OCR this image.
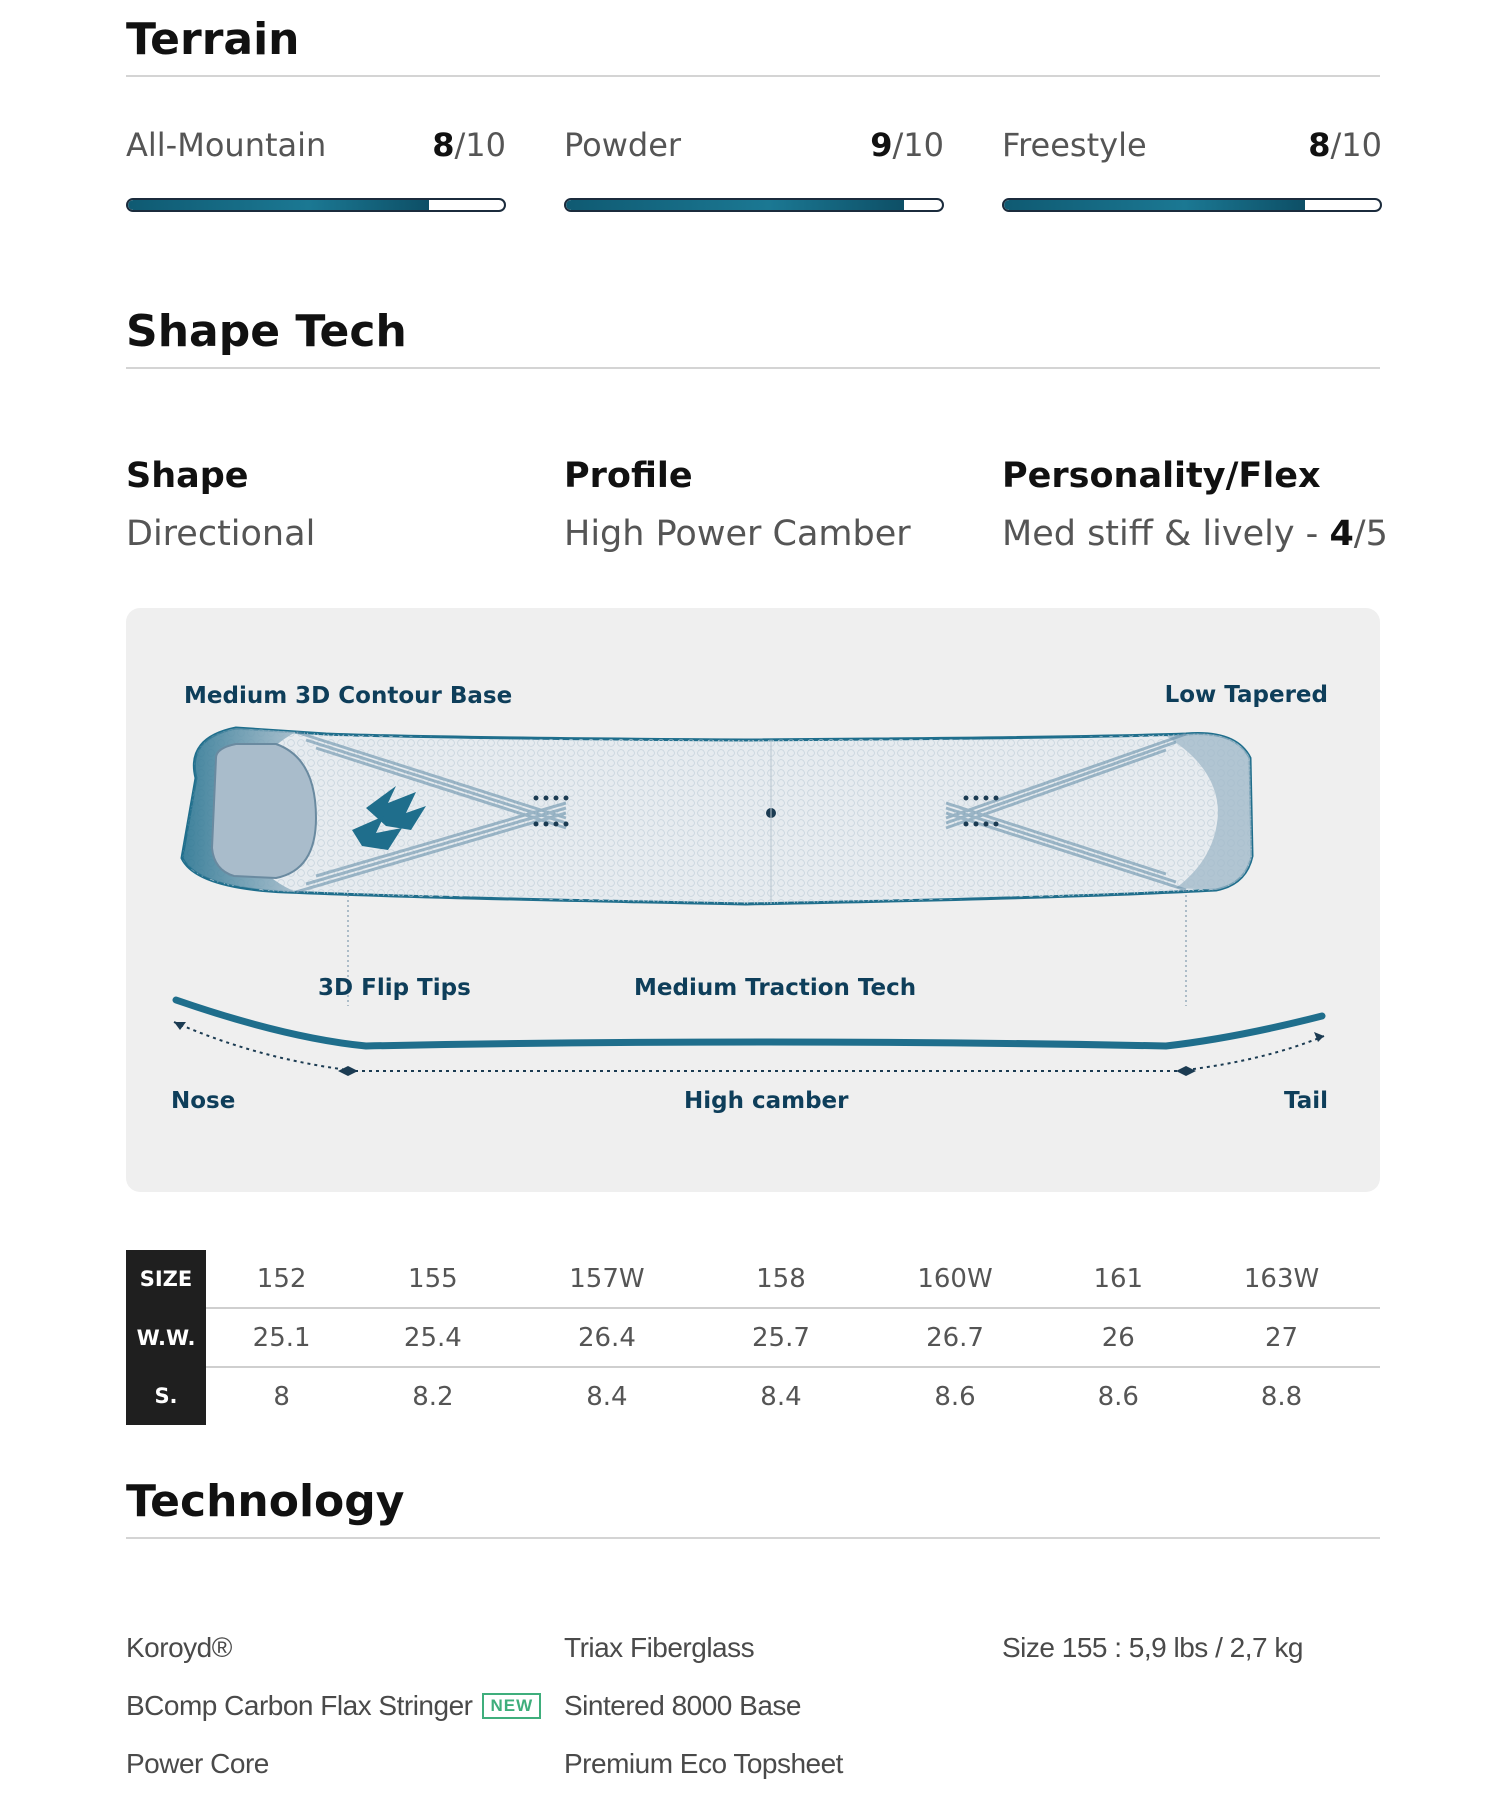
Terrain
All-Mountain	8/10 Powder	9/10 Freestyle	8/10
Shape Tech
Shape
Directional
Profile
High Power Camber
Personality/Flex
Med stiff & lively - 4/5
Medium 3D Contour Base	Low Tapered
3D Flip Tips	Medium Traction Tech
Nose	High camber	Tail
SIZE	152	155	157W	158	160W	161	163W
W.W.	25.1	25.4	26.4	25.7	26.7	26	27
S.	8	8.2	8.4	8.4	8.6	8.6	8.8
Technology
Koroyd®
BComp Carbon Flax Stringer NEW
Power Core
Triax Fiberglass
Sintered 8000 Base
Premium Eco Topsheet
Size 155 : 5,9 lbs / 2,7 kg
